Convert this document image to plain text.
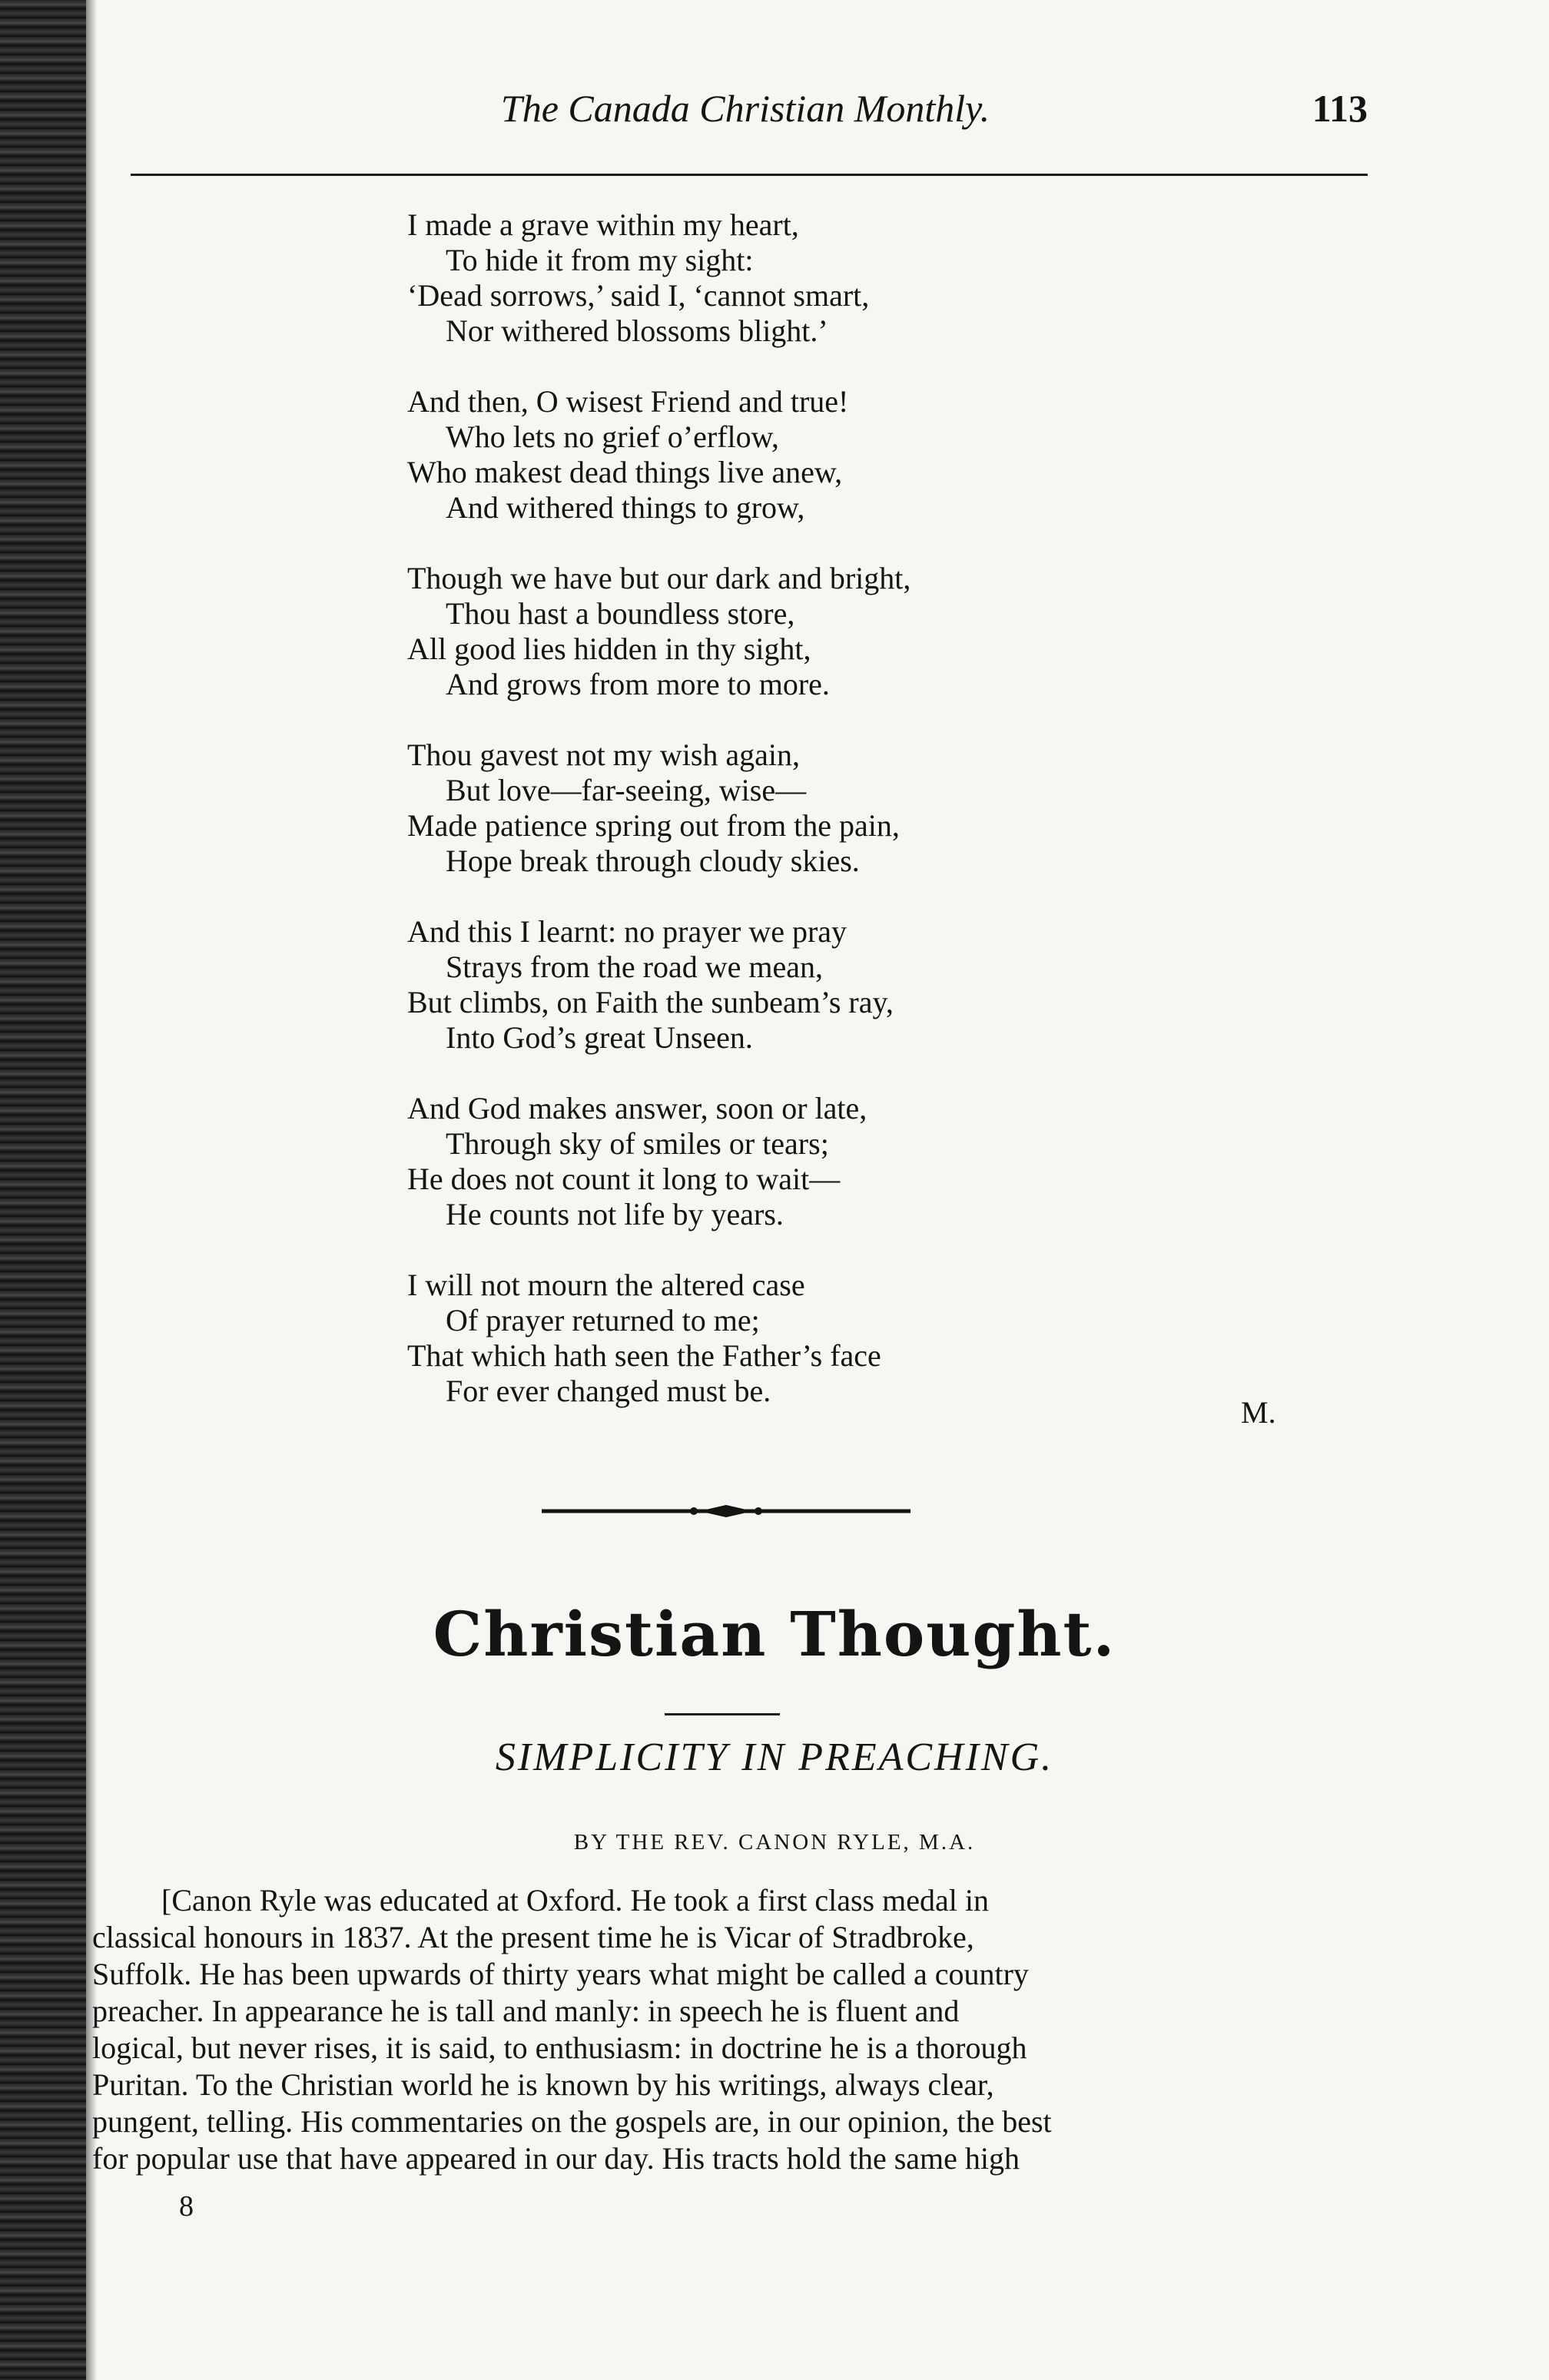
The Canada Christian Monthly.	113
I made a grave within my heart,
To hide it from my sight:
‘Dead sorrows,’ said I, ‘cannot smart,
Nor withered blossoms blight.’
And then, O wisest Friend and true!
Who lets no grief o’erflow,
Who makest dead things live anew,
And withered things to grow,
Though we have but our dark and bright,
Thou hast a boundless store,
All good lies hidden in thy sight,
And grows from more to more.
Thou gavest not my wish again,
But love—far-seeing, wise—
Made patience spring out from the pain,
Hope break through cloudy skies.
And this I learnt: no prayer we pray
Strays from the road we mean,
But climbs, on Faith the sunbeam’s ray,
Into God’s great Unseen.
And God makes answer, soon or late,
Through sky of smiles or tears;
He does not count it long to wait—
He counts not life by years.
I will not mourn the altered case
Of prayer returned to me;
That which hath seen the Father’s face
For ever changed must be.
M.
Christian Thought.
SIMPLICITY IN PREACHING.
BY THE REV. CANON RYLE, M.A.
[Canon Ryle was educated at Oxford. He took a first class medal in
classical honours in 1837. At the present time he is Vicar of Stradbroke,
Suffolk. He has been upwards of thirty years what might be called a country
preacher. In appearance he is tall and manly: in speech he is fluent and
logical, but never rises, it is said, to enthusiasm: in doctrine he is a thorough
Puritan. To the Christian world he is known by his writings, always clear,
pungent, telling. His commentaries on the gospels are, in our opinion, the best
for popular use that have appeared in our day. His tracts hold the same high
8
